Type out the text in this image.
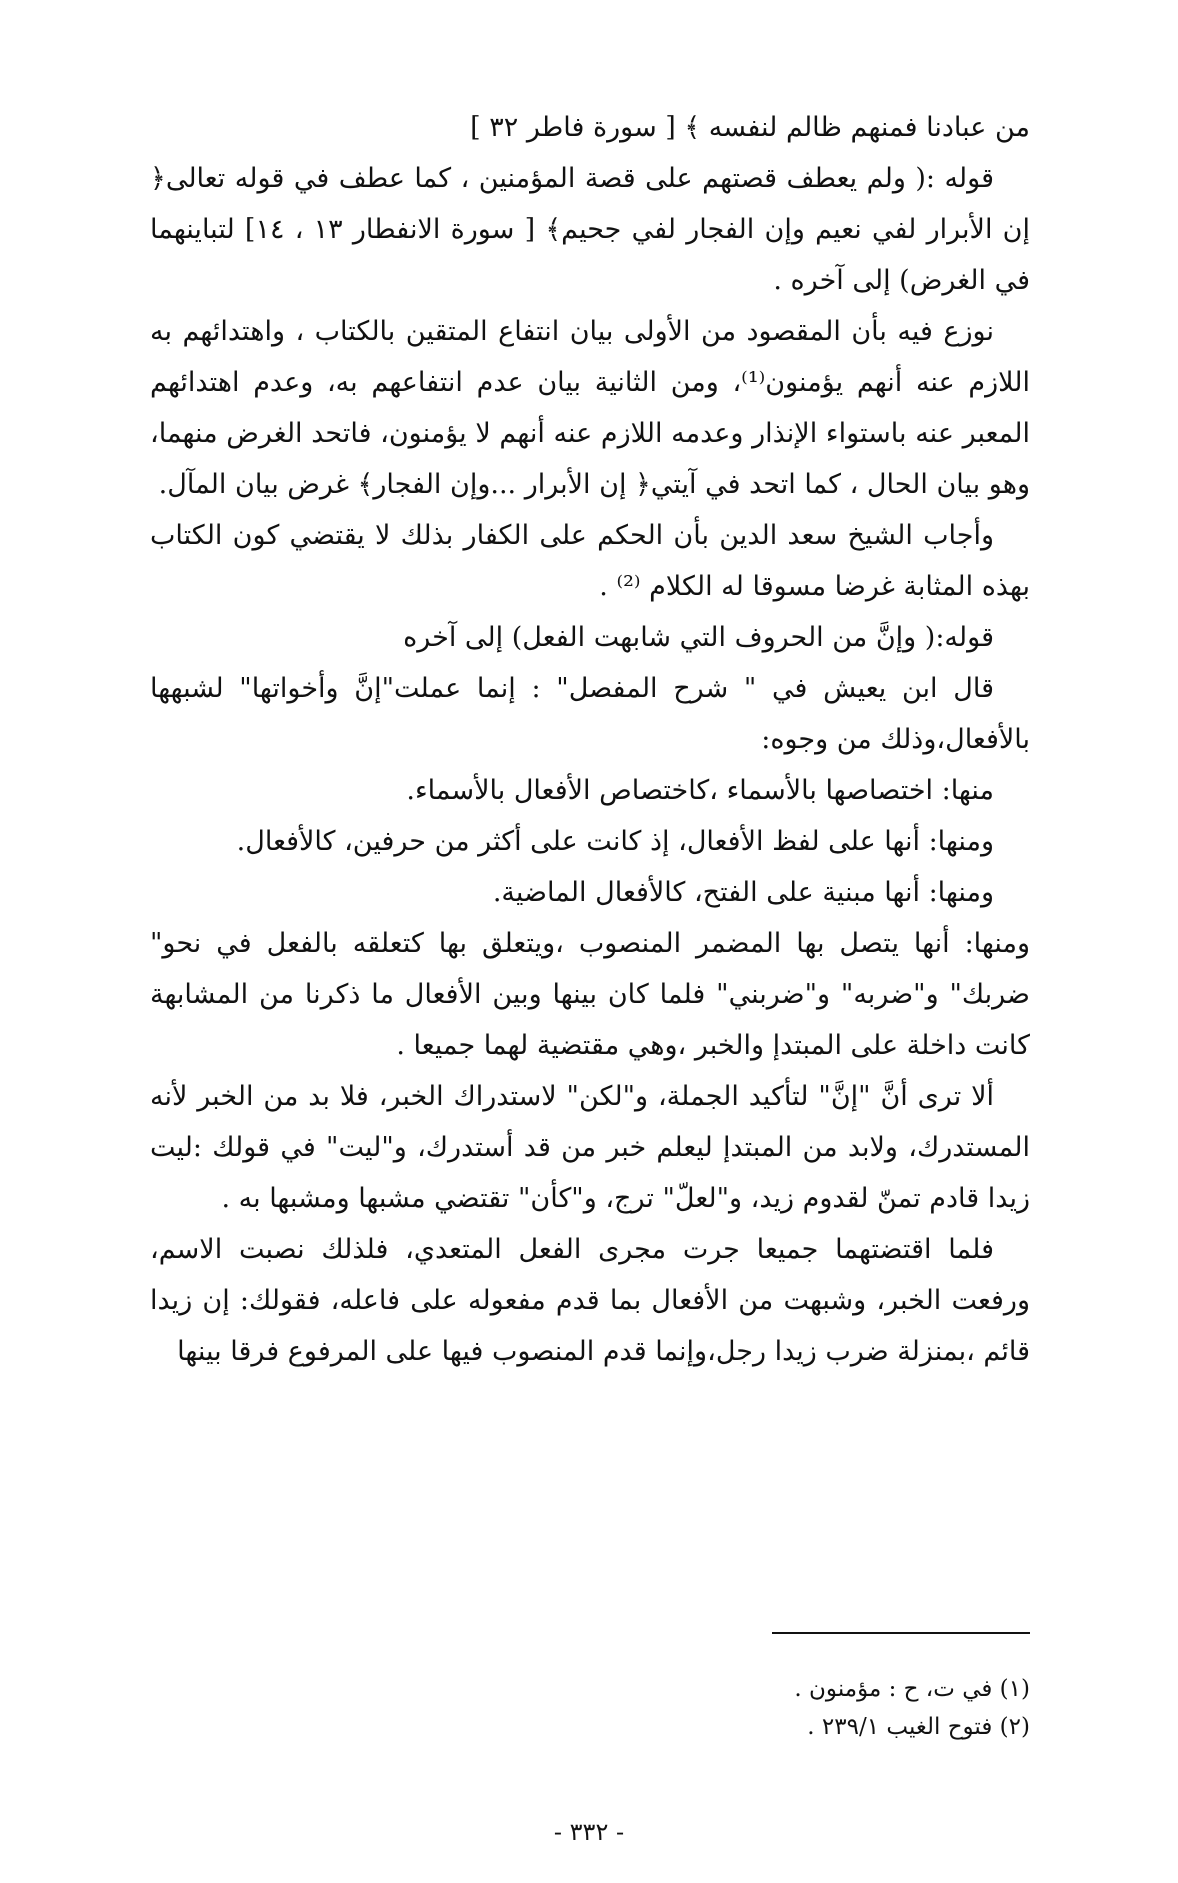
من عبادنا فمنهم ظالم لنفسه ﴾ [ سورة فاطر ٣٢ ]

قوله :( ولم يعطف قصتهم على قصة المؤمنين ، كما عطف في قوله تعالى﴿ إن الأبرار لفي نعيم وإن الفجار لفي جحيم﴾ [ سورة الانفطار ١٣ ، ١٤] لتباينهما في الغرض) إلى آخره .

نوزع فيه بأن المقصود من الأولى بيان انتفاع المتقين بالكتاب ، واهتدائهم به اللازم عنه أنهم يؤمنون⁽¹⁾، ومن الثانية بيان عدم انتفاعهم به، وعدم اهتدائهم المعبر عنه باستواء الإنذار وعدمه اللازم عنه أنهم لا يؤمنون، فاتحد الغرض منهما، وهو بيان الحال ، كما اتحد في آيتي﴿ إن الأبرار ...وإن الفجار﴾ غرض بيان المآل.

وأجاب الشيخ سعد الدين بأن الحكم على الكفار بذلك لا يقتضي كون الكتاب بهذه المثابة غرضا مسوقا له الكلام ⁽²⁾ .

قوله:( وإنَّ من الحروف التي شابهت الفعل) إلى آخره

قال ابن يعيش في " شرح المفصل" : إنما عملت"إنَّ وأخواتها" لشبهها بالأفعال،وذلك من وجوه:

منها: اختصاصها بالأسماء ،كاختصاص الأفعال بالأسماء.

ومنها: أنها على لفظ الأفعال، إذ كانت على أكثر من حرفين، كالأفعال.

ومنها: أنها مبنية على الفتح، كالأفعال الماضية.

ومنها: أنها يتصل بها المضمر المنصوب ،ويتعلق بها كتعلقه بالفعل في نحو" ضربك" و"ضربه" و"ضربني" فلما كان بينها وبين الأفعال ما ذكرنا من المشابهة كانت داخلة على المبتدإ والخبر ،وهي مقتضية لهما جميعا .

ألا ترى أنَّ "إنَّ" لتأكيد الجملة، و"لكن" لاستدراك الخبر، فلا بد من الخبر لأنه المستدرك، ولابد من المبتدإ ليعلم خبر من قد أستدرك، و"ليت" في قولك :ليت زيدا قادم تمنّ لقدوم زيد، و"لعلّ" ترج، و"كأن" تقتضي مشبها ومشبها به .

فلما اقتضتهما جميعا جرت مجرى الفعل المتعدي، فلذلك نصبت الاسم، ورفعت الخبر، وشبهت من الأفعال بما قدم مفعوله على فاعله، فقولك: إن زيدا قائم ،بمنزلة ضرب زيدا رجل،وإنما قدم المنصوب فيها على المرفوع فرقا بينها

(١) في ت، ح : مؤمنون .

(٢) فتوح الغيب ٢٣٩/١ .

- ٣٣٢ -
